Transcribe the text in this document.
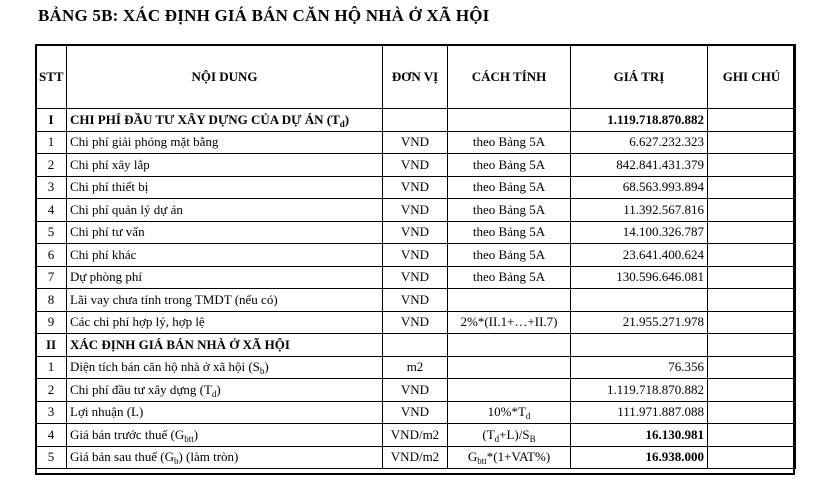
BẢNG 5B: XÁC ĐỊNH GIÁ BÁN CĂN HỘ NHÀ Ở XÃ HỘI
STT	NỘI DUNG	ĐƠN VỊ	CÁCH TÍNH	GIÁ TRỊ	GHI CHÚ
I	CHI PHÍ ĐẦU TƯ XÂY DỰNG CỦA DỰ ÁN $(T_d)$			1.119.718.870.882	
1	Chi phí giải phóng mặt bằng	VND	theo Bảng 5A	6.627.232.323	
2	Chi phí xây lắp	VND	theo Bảng 5A	842.841.431.379	
3	Chi phí thiết bị	VND	theo Bảng 5A	68.563.993.894	
4	Chi phí quản lý dự án	VND	theo Bảng 5A	11.392.567.816	
5	Chi phí tư vấn	VND	theo Bảng 5A	14.100.326.787	
6	Chi phí khác	VND	theo Bảng 5A	23.641.400.624	
7	Dự phòng phí	VND	theo Bảng 5A	130.596.646.081	
8	Lãi vay chưa tính trong TMDT (nếu có)	VND			
9	Các chi phí hợp lý, hợp lệ	VND	2%*(II.1+…+II.7)	21.955.271.978	
II	XÁC ĐỊNH GIÁ BÁN NHÀ Ở XÃ HỘI				
1	Diện tích bán căn hộ nhà ở xã hội $(S_b)$	m2		76.356	
2	Chi phí đầu tư xây dựng $(T_d)$	VND		1.119.718.870.882	
3	Lợi nhuận (L)	VND	$10\%*T_d$	111.971.887.088	
4	Giá bán trước thuế $(G_{btt})$	VND/m2	$(T_d+L)/S_B$	16.130.981	
5	Giá bán sau thuế $(G_b)$ (làm tròn)	VND/m2	$G_{btt}*(1+VAT\%)$	16.938.000	
